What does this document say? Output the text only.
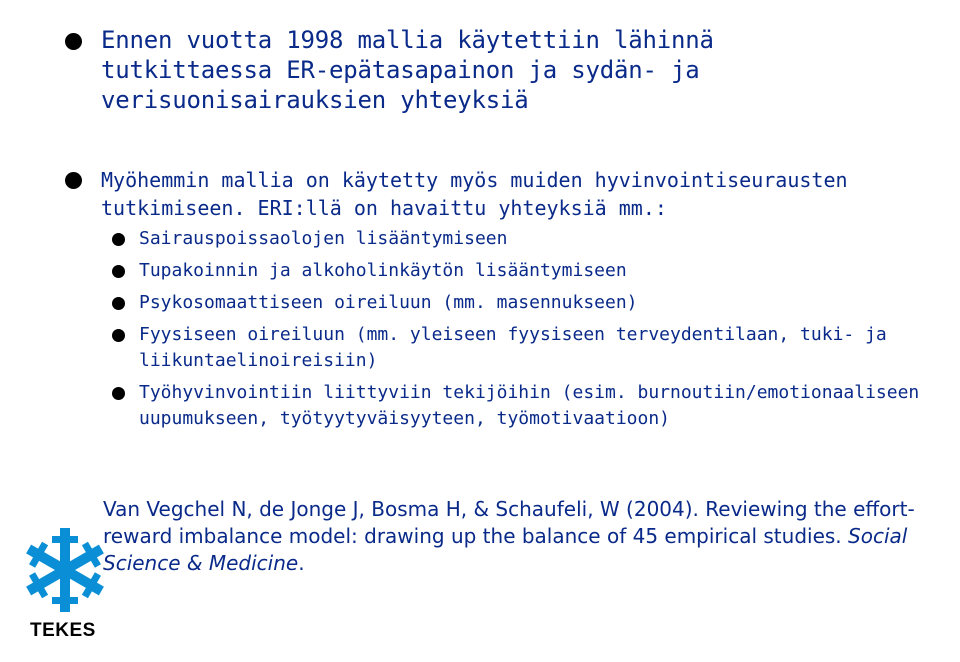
Ennen vuotta 1998 mallia käytettiin lähinnä tutkittaessa ER-epätasapainon ja sydän- ja verisuonisairauksien yhteyksiä
Myöhemmin mallia on käytetty myös muiden hyvinvointiseurausten tutkimiseen. ERI:llä on havaittu yhteyksiä mm.:
Sairauspoissaolojen lisääntymiseen
Tupakoinnin ja alkoholinkäytön lisääntymiseen
Psykosomaattiseen oireiluun (mm. masennukseen)
Fyysiseen oireiluun (mm. yleiseen fyysiseen terveydentilaan, tuki- ja liikuntaelinoireisiin)
Työhyvinvointiin liittyviin tekijöihin (esim. burnoutiin/emotionaaliseen uupumukseen, työtyytyväisyyteen, työmotivaatioon)
Van Vegchel N, de Jonge J, Bosma H, & Schaufeli, W (2004). Reviewing the effort-reward imbalance model: drawing up the balance of 45 empirical studies. Social Science & Medicine.
TEKES
